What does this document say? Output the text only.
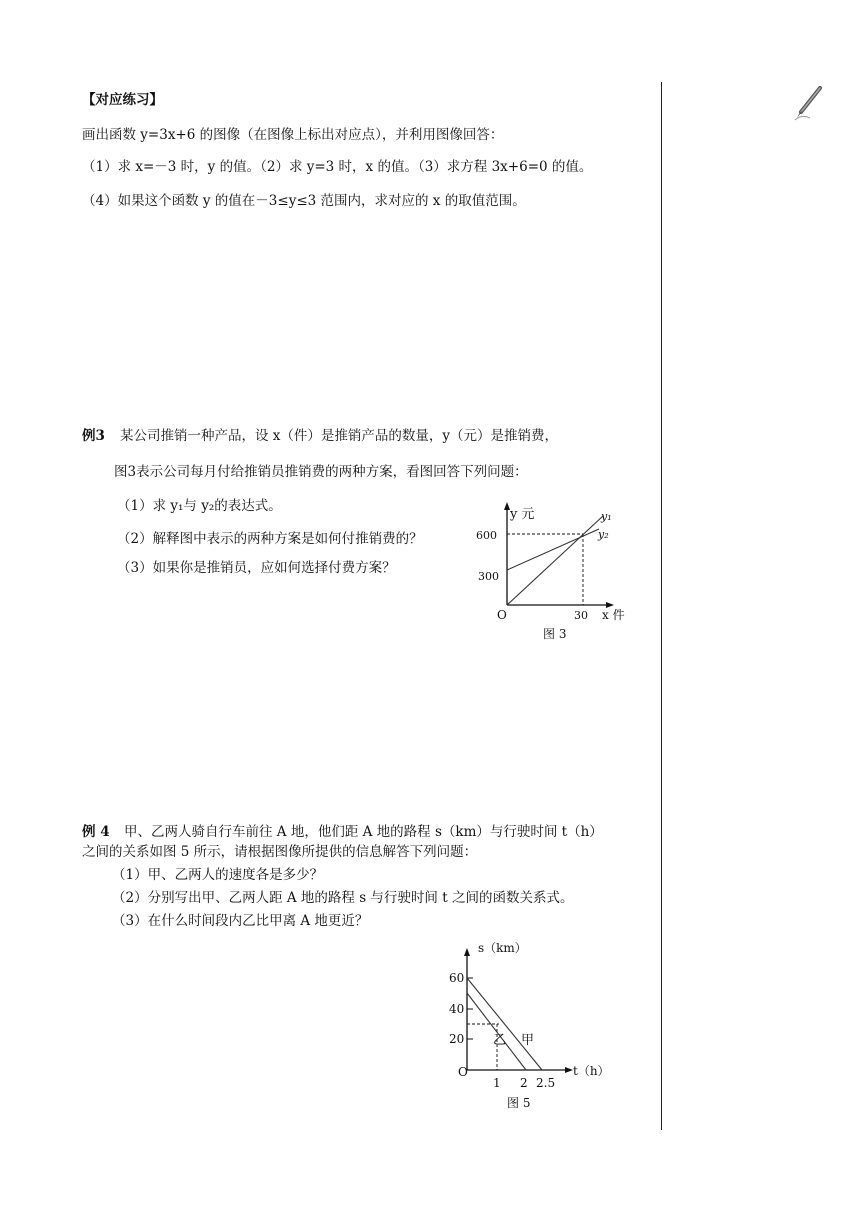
【对应练习】
画出函数 y=3x+6 的图像（在图像上标出对应点），并利用图像回答：
（1）求 x=－3 时，y 的值。（2）求 y=3 时，x 的值。（3）求方程 3x+6=0 的值。
（4）如果这个函数 y 的值在－3≤y≤3 范围内，求对应的 x 的取值范围。
例3 某公司推销一种产品，设 x（件）是推销产品的数量，y（元）是推销费，
图3表示公司每月付给推销员推销费的两种方案，看图回答下列问题：
（1）求 y₁与 y₂的表达式。
（2）解释图中表示的两种方案是如何付推销费的？
（3）如果你是推销员，应如何选择付费方案？
y 元
600
300
O	30 x 件
y₁
y₂
图 3
例 4 甲、乙两人骑自行车前往 A 地，他们距 A 地的路程 s（km）与行驶时间 t（h）
之间的关系如图 5 所示，请根据图像所提供的信息解答下列问题：
（1）甲、乙两人的速度各是多少？
（2）分别写出甲、乙两人距 A 地的路程 s 与行驶时间 t 之间的函数关系式。
（3）在什么时间段内乙比甲离 A 地更近？
s（km）
60
40
20
O
1 2 2.5
t（h）
乙 甲
图 5
